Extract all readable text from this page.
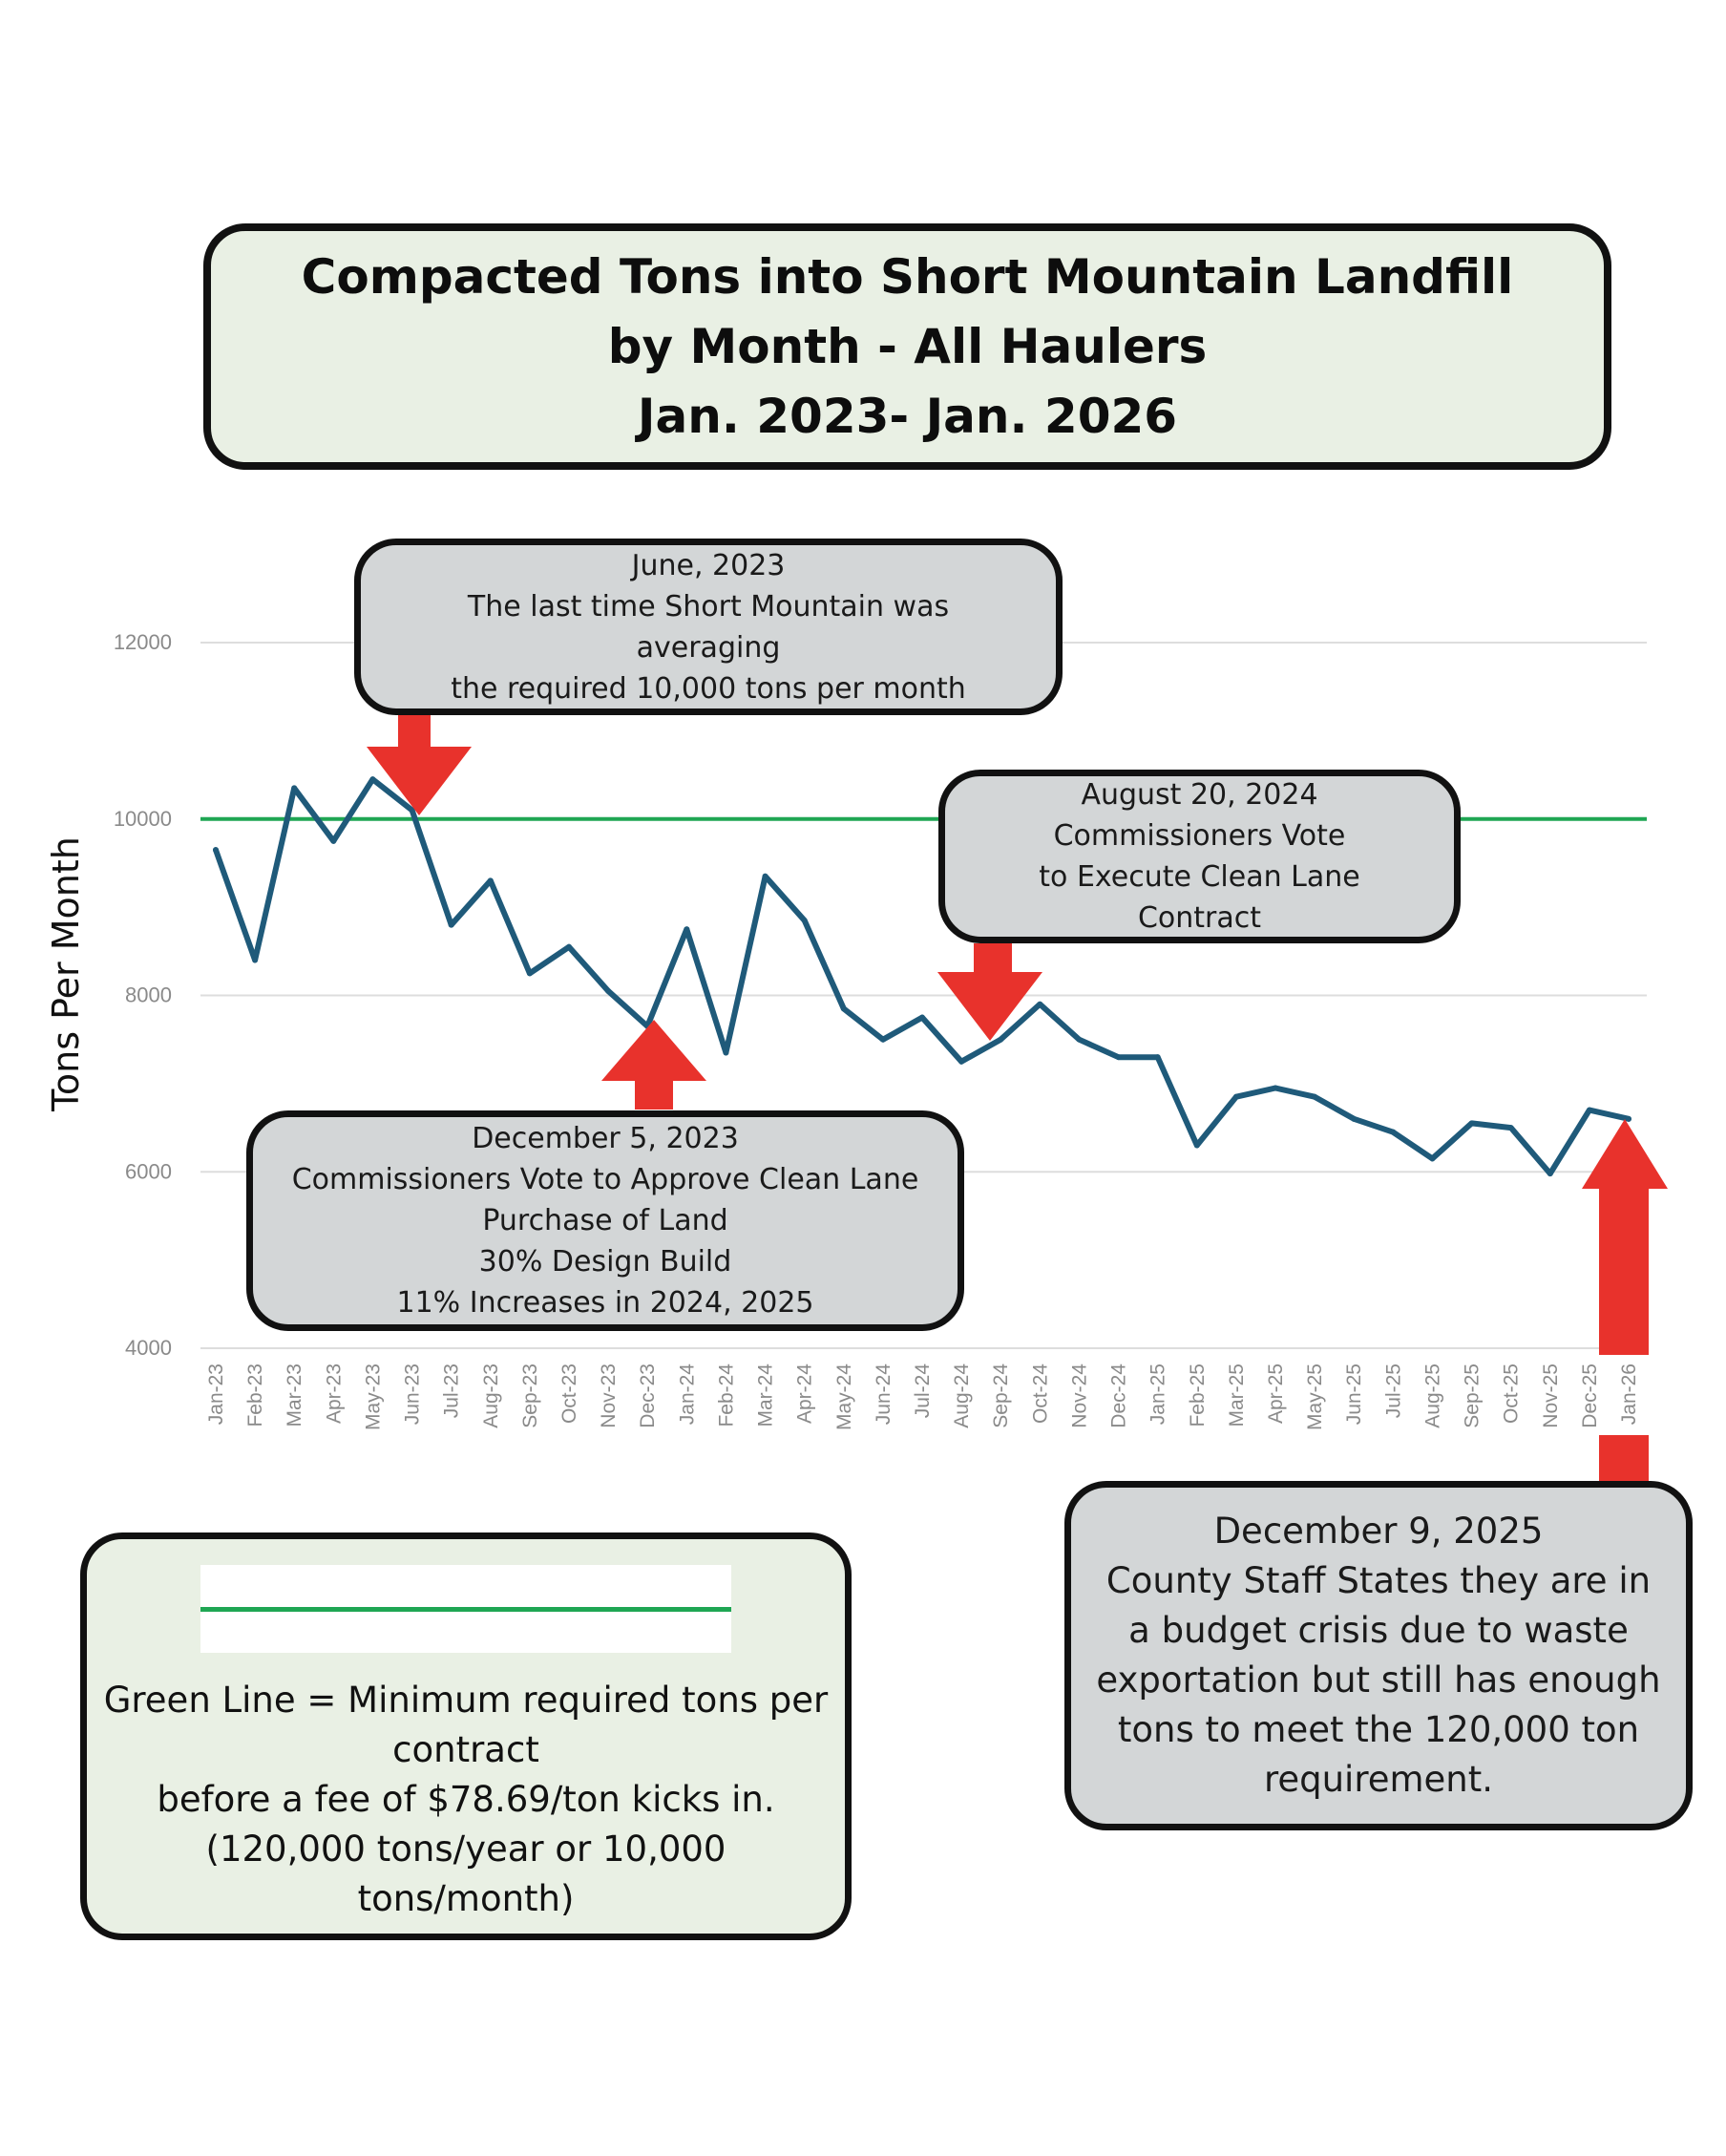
Compacted Tons into Short Mountain Landfill
by Month - All Haulers
Jan. 2023- Jan. 2026
4000
6000
8000
10000
12000
Jan-23 Feb-23 Mar-23 Apr-23 May-23 Jun-23 Jul-23 Aug-23 Sep-23 Oct-23 Nov-23 Dec-23 Jan-24 Feb-24 Mar-24 Apr-24 May-24 Jun-24 Jul-24 Aug-24 Sep-24 Oct-24 Nov-24 Dec-24 Jan-25 Feb-25 Mar-25 Apr-25 May-25 Jun-25 Jul-25 Aug-25 Sep-25 Oct-25 Nov-25 Dec-25 Jan-26
Tons Per Month
June, 2023
The last time Short Mountain was
averaging
the required 10,000 tons per month
August 20, 2024
Commissioners Vote
to Execute Clean Lane
Contract
December 5, 2023
Commissioners Vote to Approve Clean Lane
Purchase of Land
30% Design Build
11% Increases in 2024, 2025
December 9, 2025
County Staff States they are in
a budget crisis due to waste
exportation but still has enough
tons to meet the 120,000 ton
requirement.
Green Line = Minimum required tons per
contract
before a fee of $78.69/ton kicks in.
(120,000 tons/year or 10,000
tons/month)
